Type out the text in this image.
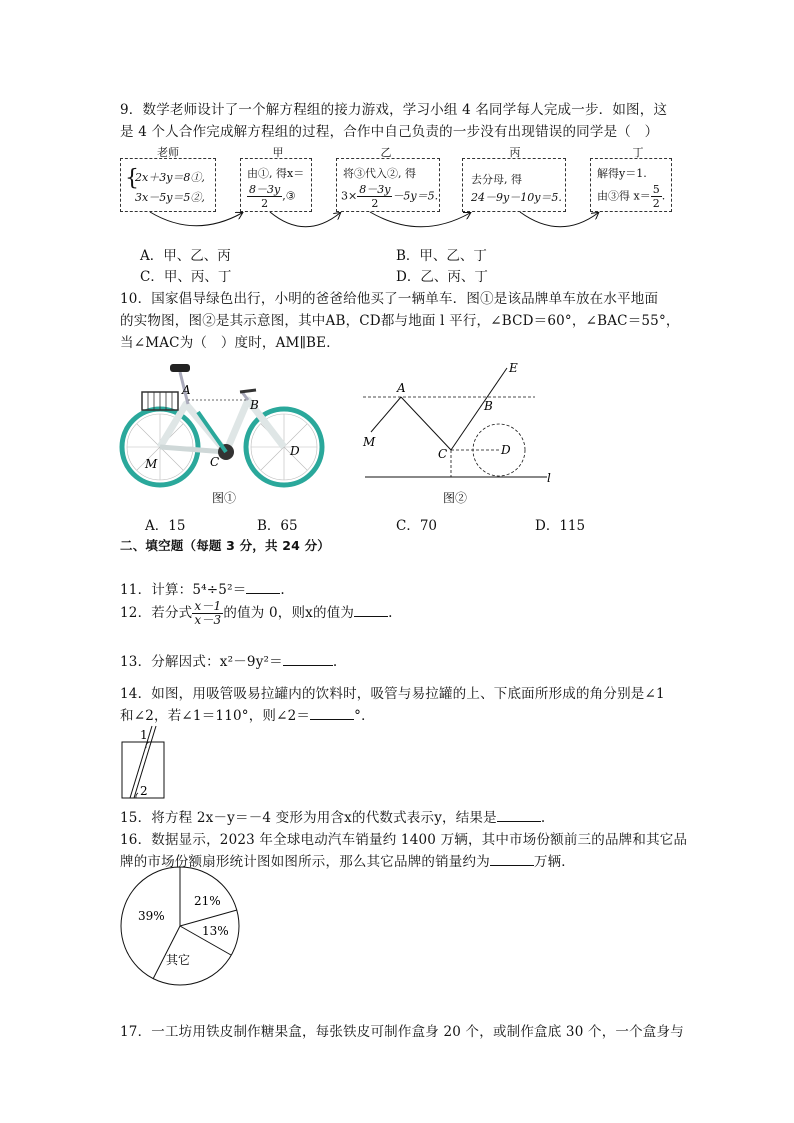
9．数学老师设计了一个解方程组的接力游戏，学习小组 4 名同学每人完成一步．如图，这
是 4 个人合作完成解方程组的过程，合作中自己负责的一步没有出现错误的同学是（　）
老师	甲	乙	丙	丁
{
2x＋3y＝8①,
3x－5y＝5②,
由①, 得x＝
$\frac{8-3y}{2}$ ,③
将③代入②, 得
$3\times \frac{8-3y}{2} -5y=5$.
去分母, 得
24－9y－10y＝5.
解得y＝1.
由③得 $x= \frac{5}{2}$ .
A．甲、乙、丙	B．甲、乙、丁
C．甲、丙、丁	D．乙、丙、丁
10．国家倡导绿色出行，小明的爸爸给他买了一辆单车．图①是该品牌单车放在水平地面
的实物图，图②是其示意图，其中AB，CD都与地面 l 平行，∠BCD＝60°，∠BAC＝55°，
当∠MAC为（　）度时，AM∥BE．
A
B
C
D
M
图①
A
B
C	D
E
M
l
图②
A．15	B．65	C．70	D．115
二、填空题（每题 3 分，共 24 分）
11．计算：5⁴÷5²＝	.
12．若分式 $\frac{x-1}{x-3}$ 的值为 0，则x的值为	.
13．分解因式：x²－9y²＝	.
14．如图，用吸管吸易拉罐内的饮料时，吸管与易拉罐的上、下底面所形成的角分别是∠1
和∠2，若∠1＝110°，则∠2＝	°．
1
2
15．将方程 2x－y＝－4 变形为用含x的代数式表示y，结果是	.
16．数据显示，2023 年全球电动汽车销量约 1400 万辆，其中市场份额前三的品牌和其它品
牌的市场份额扇形统计图如图所示，那么其它品牌的销量约为	万辆．
21%
39%
13%
其它
17．一工坊用铁皮制作糖果盒，每张铁皮可制作盒身 20 个，或制作盒底 30 个，一个盒身与
